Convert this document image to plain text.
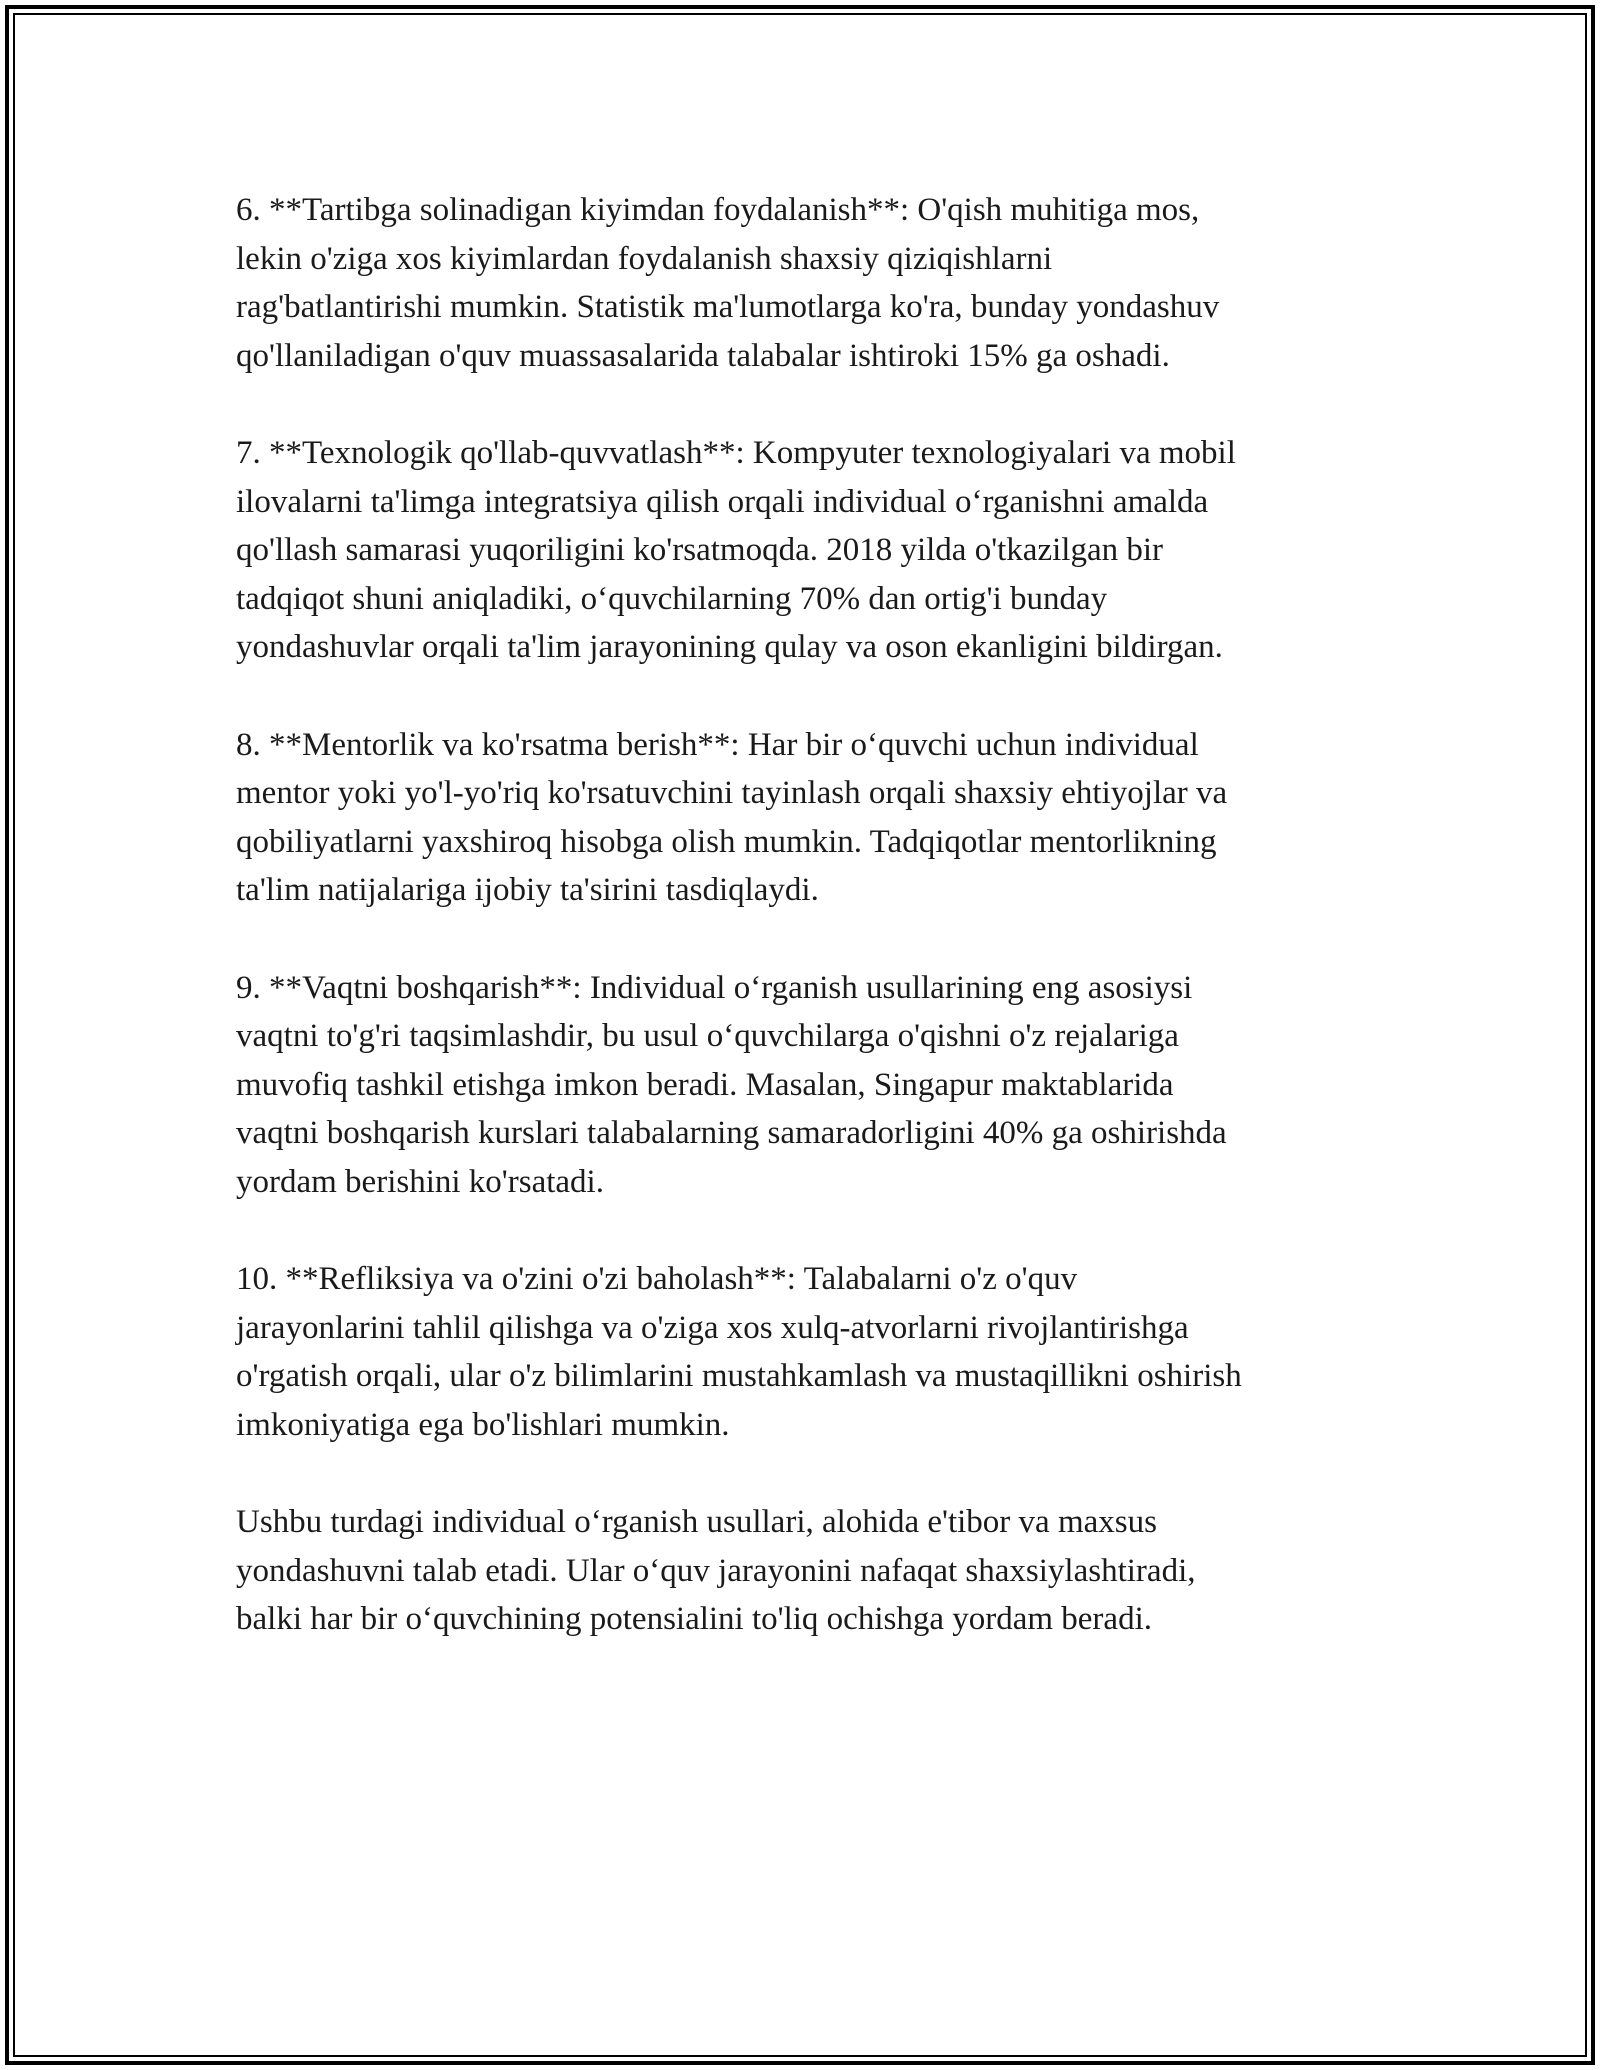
6. **Tartibga solinadigan kiyimdan foydalanish**: O'qish muhitiga mos,
lekin o'ziga xos kiyimlardan foydalanish shaxsiy qiziqishlarni
rag'batlantirishi mumkin. Statistik ma'lumotlarga ko'ra, bunday yondashuv
qo'llaniladigan o'quv muassasalarida talabalar ishtiroki 15% ga oshadi.

7. **Texnologik qo'llab-quvvatlash**: Kompyuter texnologiyalari va mobil
ilovalarni ta'limga integratsiya qilish orqali individual o‘rganishni amalda
qo'llash samarasi yuqoriligini ko'rsatmoqda. 2018 yilda o'tkazilgan bir
tadqiqot shuni aniqladiki, o‘quvchilarning 70% dan ortig'i bunday
yondashuvlar orqali ta'lim jarayonining qulay va oson ekanligini bildirgan.

8. **Mentorlik va ko'rsatma berish**: Har bir o‘quvchi uchun individual
mentor yoki yo'l-yo'riq ko'rsatuvchini tayinlash orqali shaxsiy ehtiyojlar va
qobiliyatlarni yaxshiroq hisobga olish mumkin. Tadqiqotlar mentorlikning
ta'lim natijalariga ijobiy ta'sirini tasdiqlaydi.

9. **Vaqtni boshqarish**: Individual o‘rganish usullarining eng asosiysi
vaqtni to'g'ri taqsimlashdir, bu usul o‘quvchilarga o'qishni o'z rejalariga
muvofiq tashkil etishga imkon beradi. Masalan, Singapur maktablarida
vaqtni boshqarish kurslari talabalarning samaradorligini 40% ga oshirishda
yordam berishini ko'rsatadi.

10. **Refliksiya va o'zini o'zi baholash**: Talabalarni o'z o'quv
jarayonlarini tahlil qilishga va o'ziga xos xulq-atvorlarni rivojlantirishga
o'rgatish orqali, ular o'z bilimlarini mustahkamlash va mustaqillikni oshirish
imkoniyatiga ega bo'lishlari mumkin.

Ushbu turdagi individual o‘rganish usullari, alohida e'tibor va maxsus
yondashuvni talab etadi. Ular o‘quv jarayonini nafaqat shaxsiylashtiradi,
balki har bir o‘quvchining potensialini to'liq ochishga yordam beradi.
